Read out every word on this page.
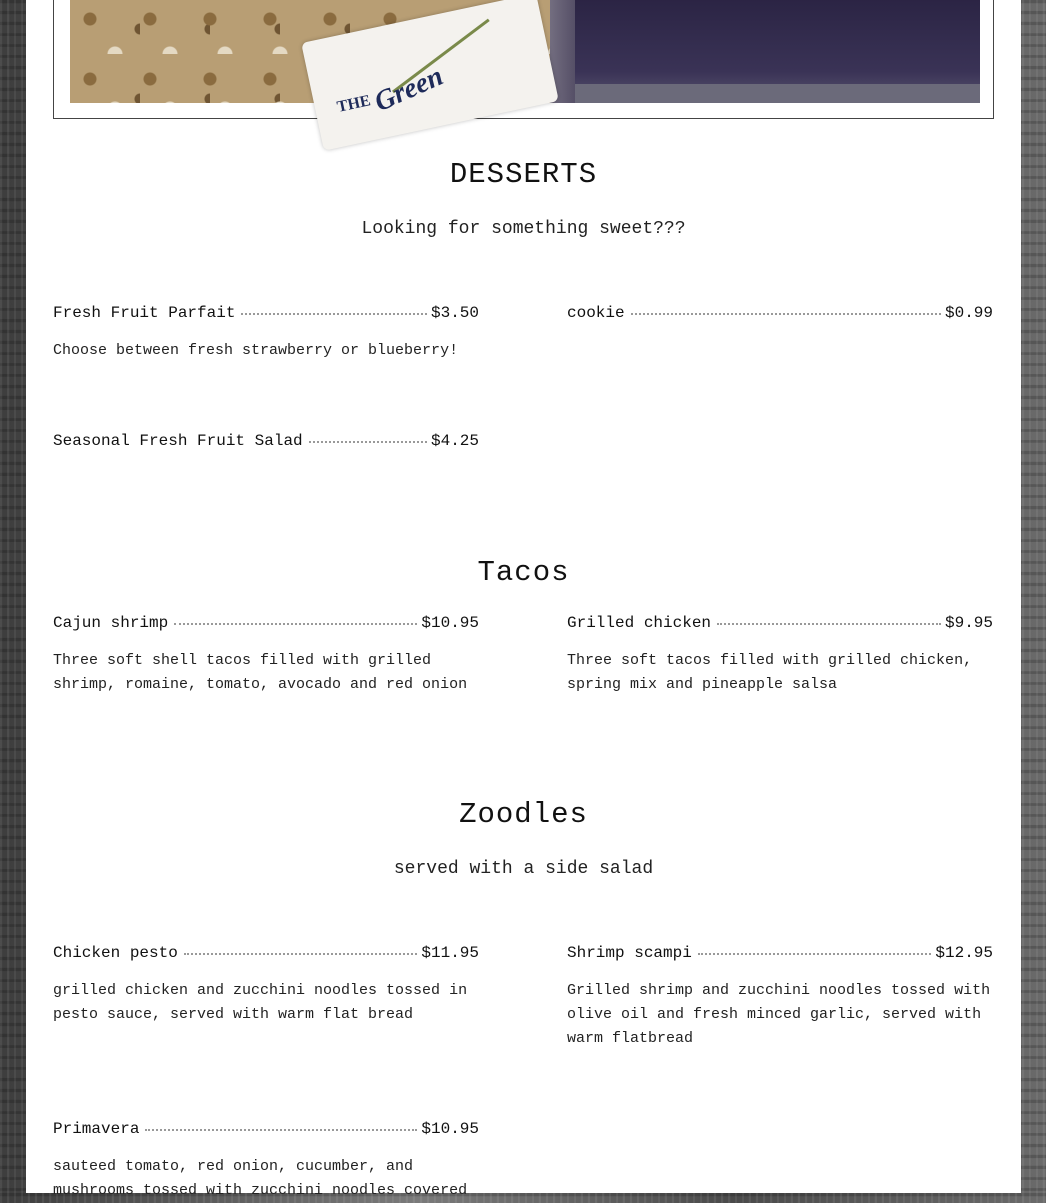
THE
Green
DESSERTS
Looking for something sweet???
Fresh Fruit Parfait	$3.50
Choose between fresh strawberry or blueberry!
cookie	$0.99
Seasonal Fresh Fruit Salad	$4.25
Tacos
Cajun shrimp	$10.95
Three soft shell tacos filled with grilled
shrimp, romaine, tomato, avocado and red onion
Grilled chicken	$9.95
Three soft tacos filled with grilled chicken,
spring mix and pineapple salsa
Zoodles
served with a side salad
Chicken pesto	$11.95
grilled chicken and zucchini noodles tossed in
pesto sauce, served with warm flat bread
Shrimp scampi	$12.95
Grilled shrimp and zucchini noodles tossed with
olive oil and fresh minced garlic, served with
warm flatbread
Primavera	$10.95
sauteed tomato, red onion, cucumber, and
mushrooms tossed with zucchini noodles covered
